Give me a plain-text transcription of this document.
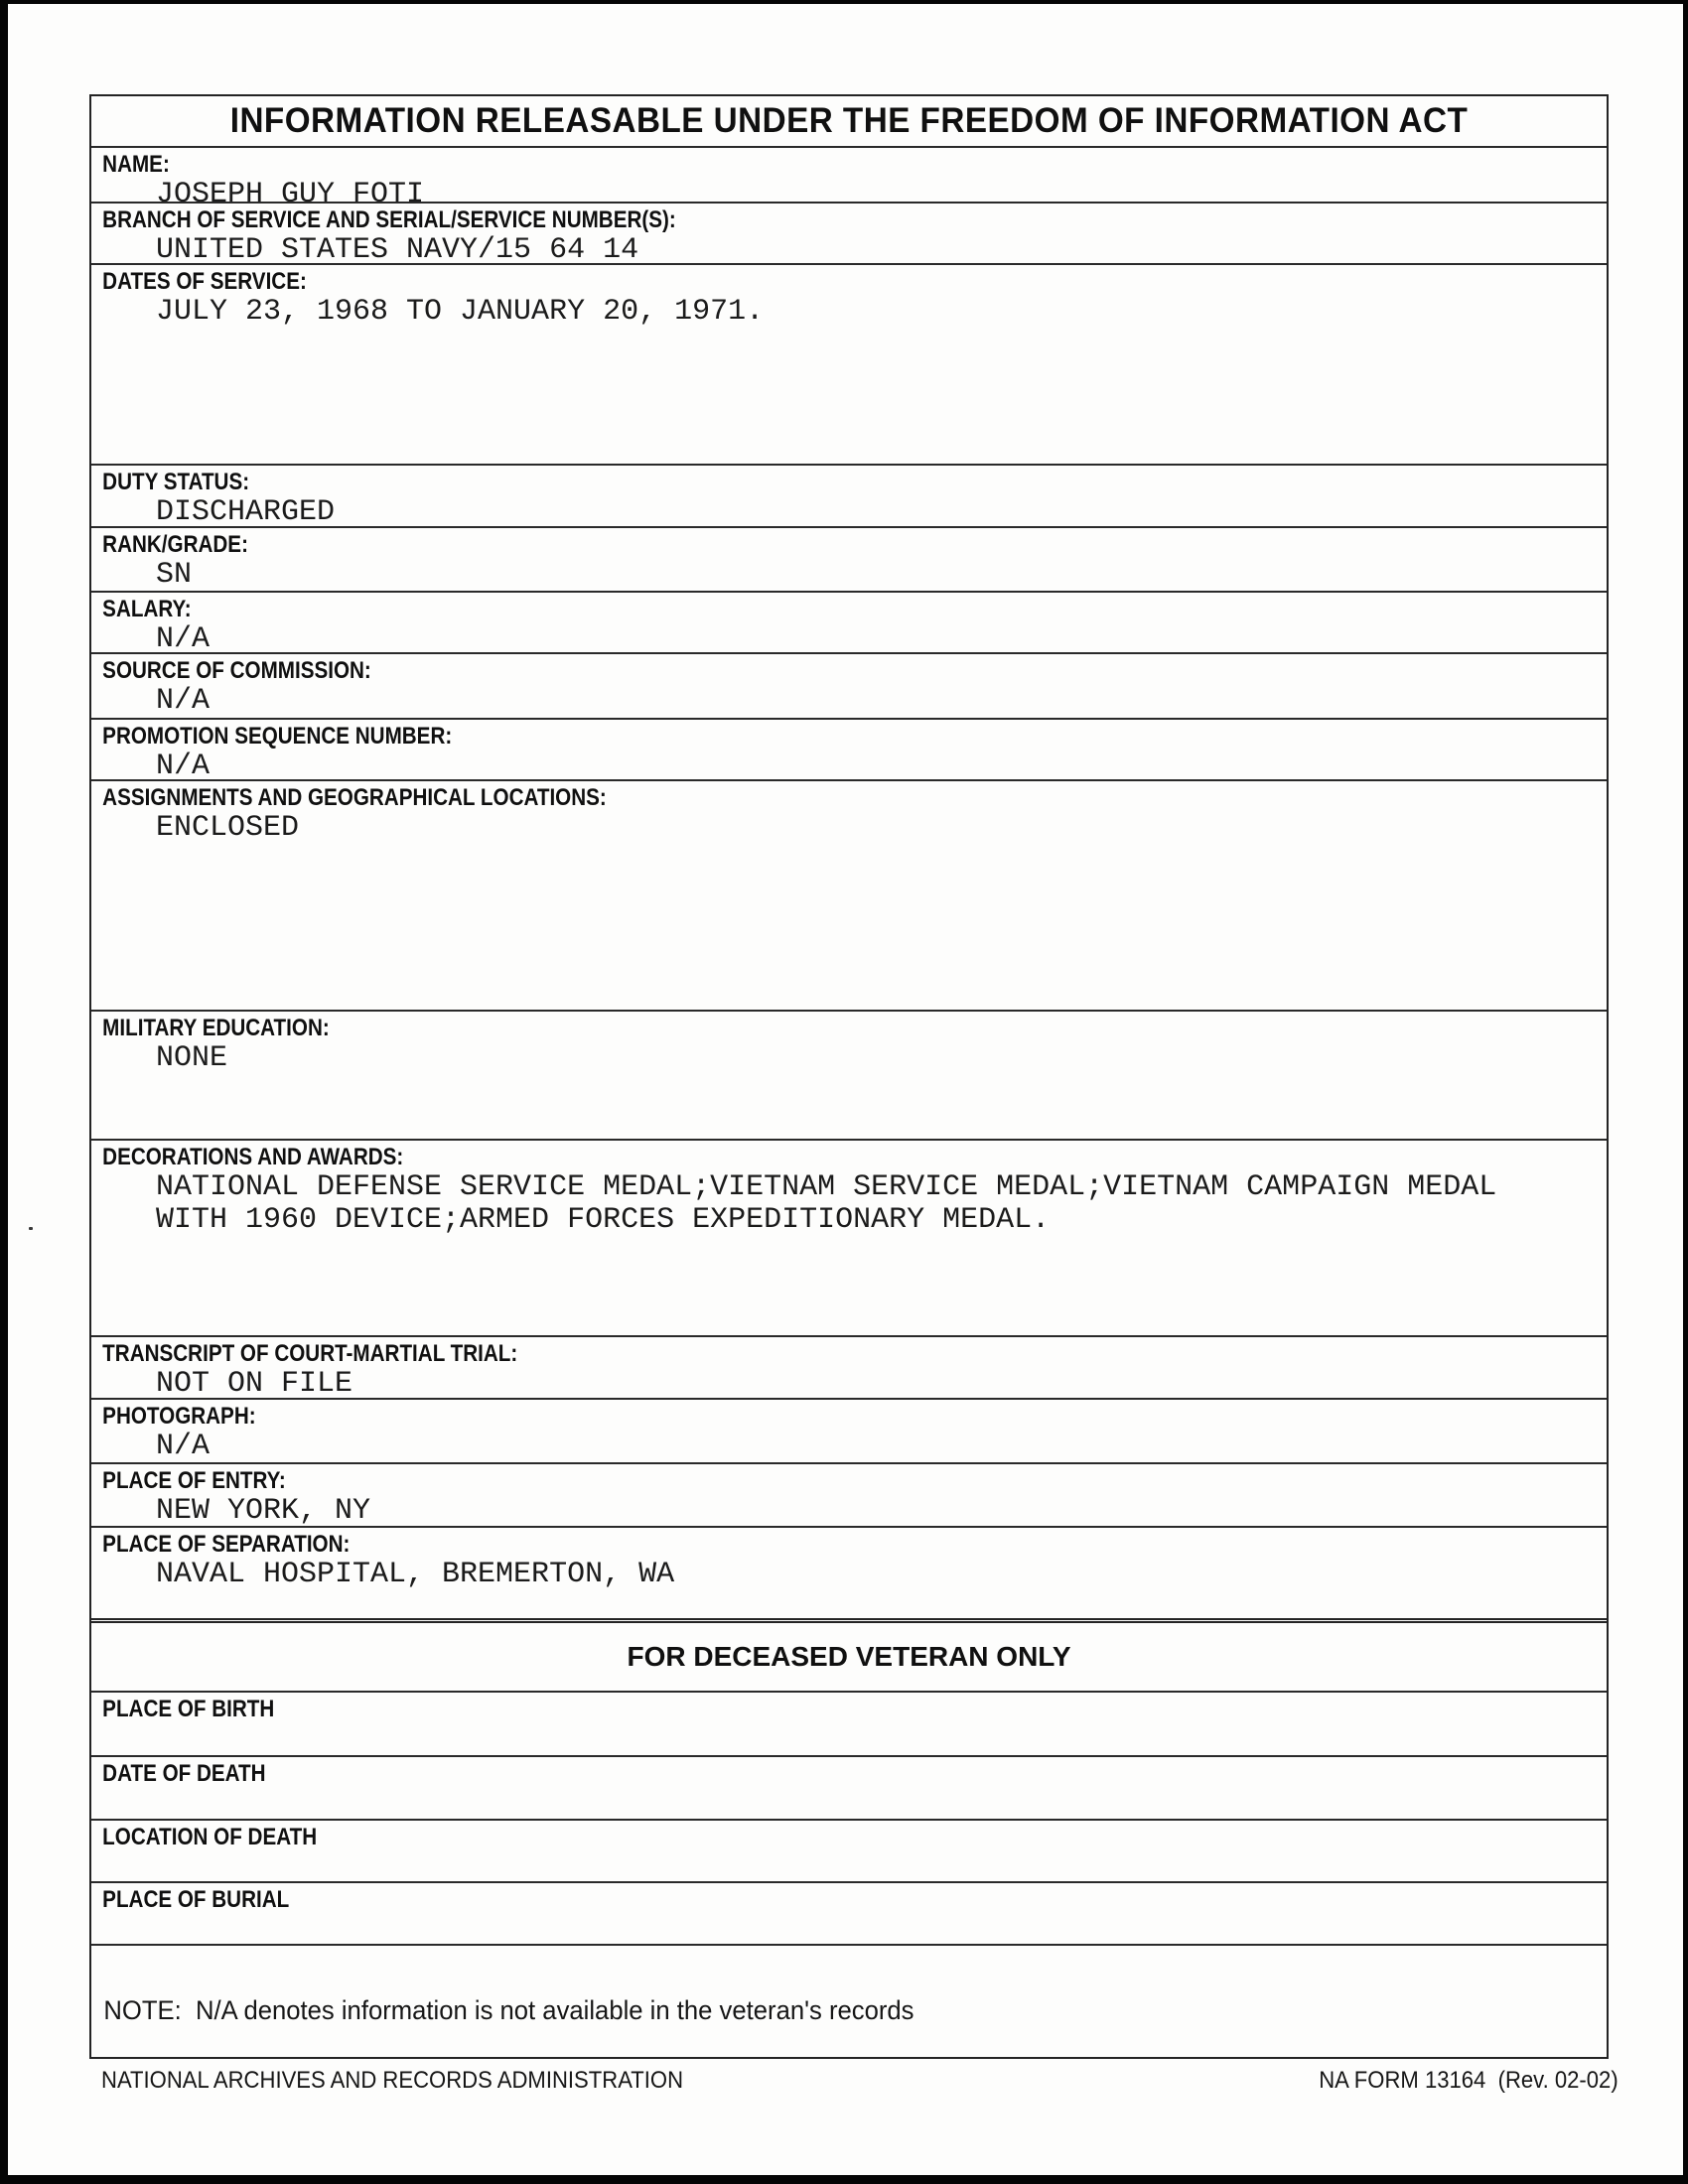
INFORMATION RELEASABLE UNDER THE FREEDOM OF INFORMATION ACT
NAME:
JOSEPH GUY FOTI
BRANCH OF SERVICE AND SERIAL/SERVICE NUMBER(S):
UNITED STATES NAVY/15 64 14
DATES OF SERVICE:
JULY 23, 1968 TO JANUARY 20, 1971.
DUTY STATUS:
DISCHARGED
RANK/GRADE:
SN
SALARY:
N/A
SOURCE OF COMMISSION:
N/A
PROMOTION SEQUENCE NUMBER:
N/A
ASSIGNMENTS AND GEOGRAPHICAL LOCATIONS:
ENCLOSED
MILITARY EDUCATION:
NONE
DECORATIONS AND AWARDS:
NATIONAL DEFENSE SERVICE MEDAL;VIETNAM SERVICE MEDAL;VIETNAM CAMPAIGN MEDAL
WITH 1960 DEVICE;ARMED FORCES EXPEDITIONARY MEDAL.
TRANSCRIPT OF COURT-MARTIAL TRIAL:
NOT ON FILE
PHOTOGRAPH:
N/A
PLACE OF ENTRY:
NEW YORK, NY
PLACE OF SEPARATION:
NAVAL HOSPITAL, BREMERTON, WA
FOR DECEASED VETERAN ONLY
PLACE OF BIRTH
DATE OF DEATH
LOCATION OF DEATH
PLACE OF BURIAL
NOTE:  N/A denotes information is not available in the veteran's records
NATIONAL ARCHIVES AND RECORDS ADMINISTRATION	NA FORM 13164  (Rev. 02-02)
